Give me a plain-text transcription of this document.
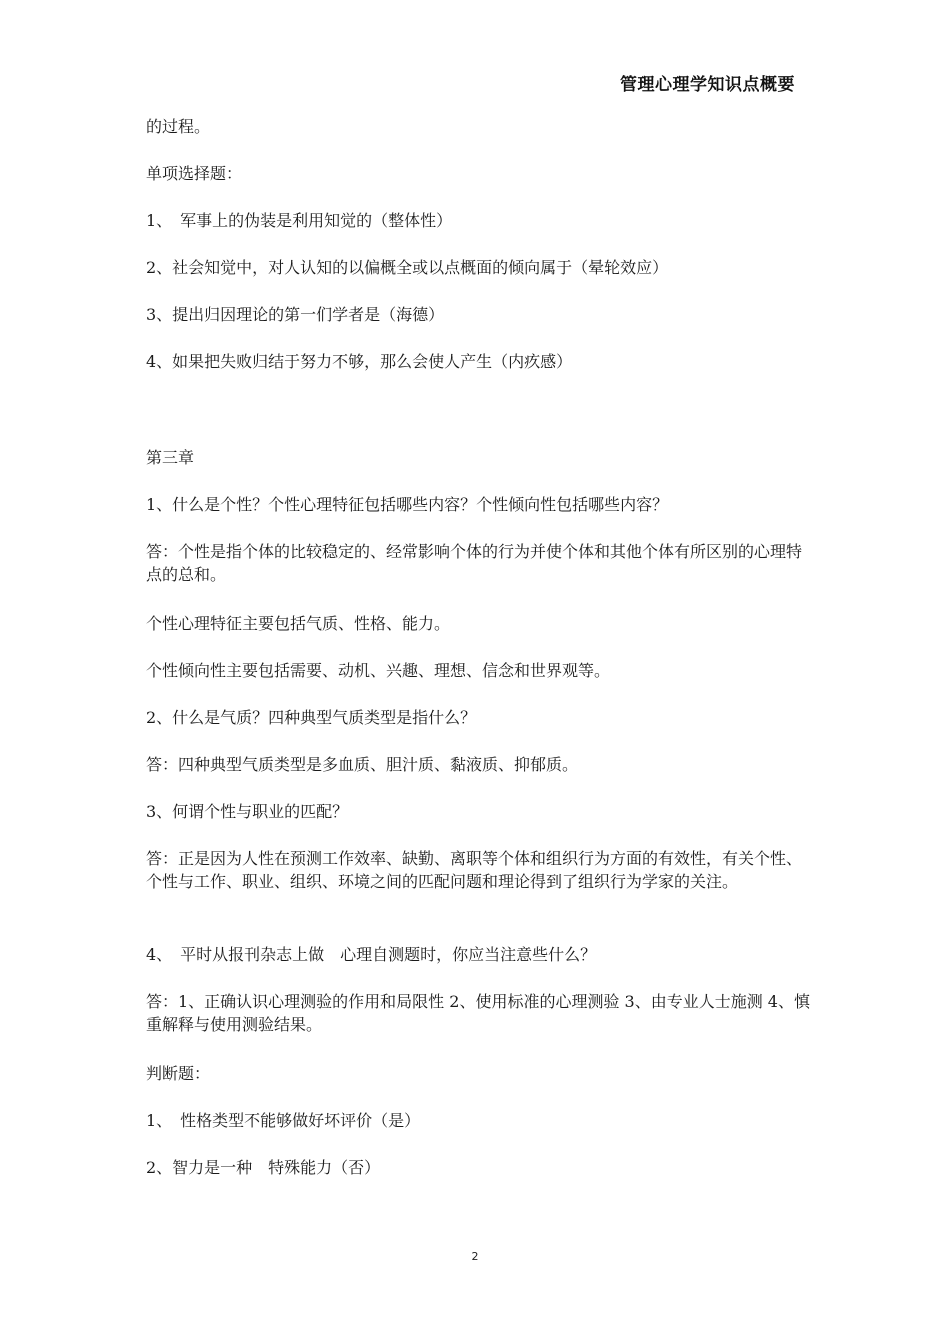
管理心理学知识点概要
的过程。
单项选择题：
1、　军事上的伪装是利用知觉的（整体性）
2、社会知觉中，对人认知的以偏概全或以点概面的倾向属于（晕轮效应）
3、提出归因理论的第一们学者是（海德）
4、如果把失败归结于努力不够，那么会使人产生（内疚感）
第三章
1、什么是个性？个性心理特征包括哪些内容？个性倾向性包括哪些内容？
答：个性是指个体的比较稳定的、经常影响个体的行为并使个体和其他个体有所区别的心理特点的总和。
个性心理特征主要包括气质、性格、能力。
个性倾向性主要包括需要、动机、兴趣、理想、信念和世界观等。
2、什么是气质？四种典型气质类型是指什么？
答：四种典型气质类型是多血质、胆汁质、黏液质、抑郁质。
3、何谓个性与职业的匹配？
答：正是因为人性在预测工作效率、缺勤、离职等个体和组织行为方面的有效性，有关个性、个性与工作、职业、组织、环境之间的匹配问题和理论得到了组织行为学家的关注。
4、　平时从报刊杂志上做　心理自测题时，你应当注意些什么？
答：1、正确认识心理测验的作用和局限性 2、使用标准的心理测验 3、由专业人士施测 4、慎重解释与使用测验结果。
判断题：
1、　性格类型不能够做好坏评价（是）
2、智力是一种　特殊能力（否）
2
